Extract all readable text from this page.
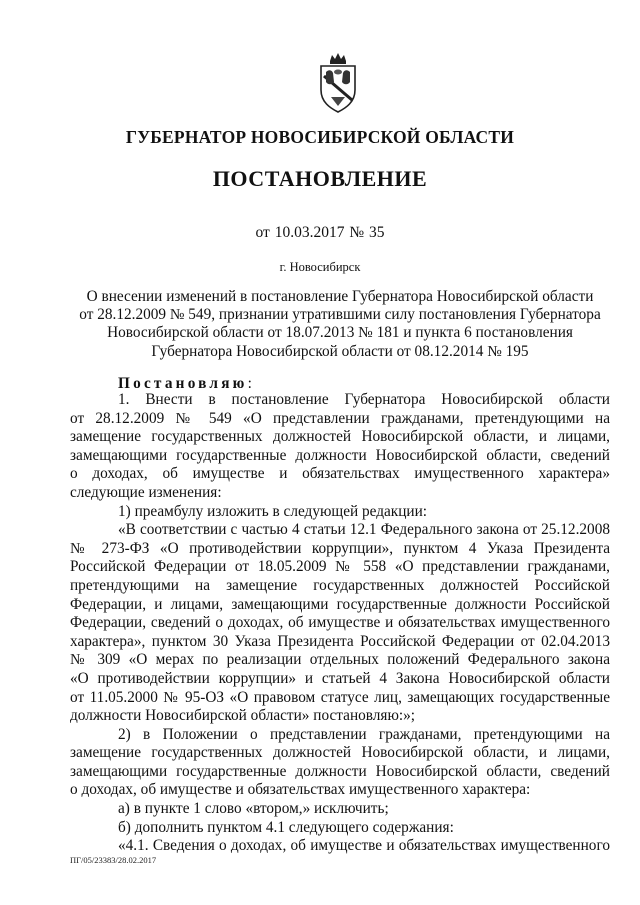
ГУБЕРНАТОР НОВОСИБИРСКОЙ ОБЛАСТИ
ПОСТАНОВЛЕНИЕ
от 10.03.2017 № 35
г. Новосибирск
О внесении изменений в постановление Губернатора Новосибирской области
от 28.12.2009 № 549, признании утратившими силу постановления Губернатора
Новосибирской области от 18.07.2013 № 181 и пункта 6 постановления
Губернатора Новосибирской области от 08.12.2014 № 195
Постановляю:
1. Внести в постановление Губернатора Новосибирской области
от 28.12.2009 № 549 «О представлении гражданами, претендующими на
замещение государственных должностей Новосибирской области, и лицами,
замещающими государственные должности Новосибирской области, сведений
о доходах, об имуществе и обязательствах имущественного характера»
следующие изменения:
1) преамбулу изложить в следующей редакции:
«В соответствии с частью 4 статьи 12.1 Федерального закона от 25.12.2008
№ 273-ФЗ «О противодействии коррупции», пунктом 4 Указа Президента
Российской Федерации от 18.05.2009 № 558 «О представлении гражданами,
претендующими на замещение государственных должностей Российской
Федерации, и лицами, замещающими государственные должности Российской
Федерации, сведений о доходах, об имуществе и обязательствах имущественного
характера», пунктом 30 Указа Президента Российской Федерации от 02.04.2013
№ 309 «О мерах по реализации отдельных положений Федерального закона
«О противодействии коррупции» и статьей 4 Закона Новосибирской области
от 11.05.2000 № 95-ОЗ «О правовом статусе лиц, замещающих государственные
должности Новосибирской области» постановляю:»;
2) в Положении о представлении гражданами, претендующими на
замещение государственных должностей Новосибирской области, и лицами,
замещающими государственные должности Новосибирской области, сведений
о доходах, об имуществе и обязательствах имущественного характера:
а) в пункте 1 слово «втором,» исключить;
б) дополнить пунктом 4.1 следующего содержания:
«4.1. Сведения о доходах, об имуществе и обязательствах имущественного
ПГ/05/23383/28.02.2017
